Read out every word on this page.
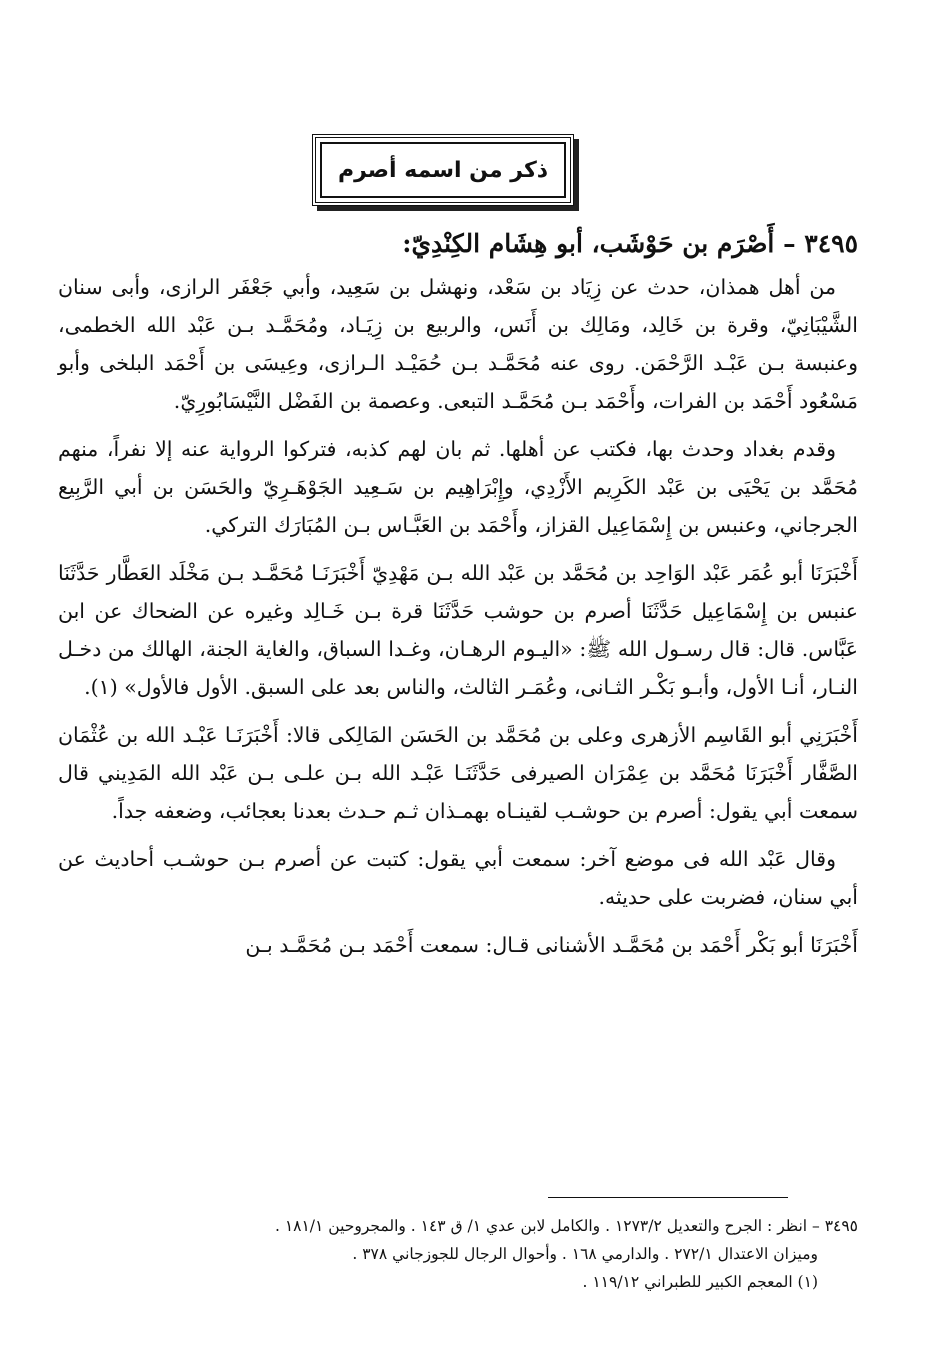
ذكر من اسمه أصرم
٣٤٩٥ – أَصْرَم بن حَوْشَب، أبو هِشَام الكِنْدِيّ:

من أهل همذان، حدث عن زِيَاد بن سَعْد، ونهشل بن سَعِيد، وأبي جَعْفَر الرازى، وأبى سنان الشَّيْبَانِيّ، وقرة بن خَالِد، ومَالِك بن أَنَس، والربيع بن زِيَـاد، ومُحَمَّـد بـن عَبْد الله الخطمى، وعنبسة بـن عَبْـد الرَّحْمَن. روى عنه مُحَمَّـد بـن حُمَيْـد الـرازى، وعِيسَى بن أَحْمَد البلخى وأبو مَسْعُود أَحْمَد بن الفرات، وأَحْمَد بـن مُحَمَّـد التبعى. وعصمة بن الفَضْل النَّيْسَابُورِيّ.

وقدم بغداد وحدث بها، فكتب عن أهلها. ثم بان لهم كذبه، فتركوا الرواية عنه إلا نفراً، منهم مُحَمَّد بن يَحْيَى بن عَبْد الكَرِيم الأَزْدِي، وإِبْرَاهِيم بن سَـعِيد الجَوْهَـرِيّ والحَسَن بن أبي الرَّبِيع الجرجاني، وعنبس بن إِسْمَاعِيل القزاز، وأَحْمَد بن العَبَّـاس بـن المُبَارَك التركي.

أَخْبَرَنَا أبو عُمَر عَبْد الوَاحِد بن مُحَمَّد بن عَبْد الله بـن مَهْدِيّ أَخْبَرَنَـا مُحَمَّـد بـن مَخْلَد العَطَّار حَدَّثَنَا عنبس بن إِسْمَاعِيل حَدَّثَنَا أصرم بن حوشب حَدَّثَنَا قرة بـن خَـالِد وغيره عن الضحاك عن ابن عَبَّاس. قال: قال رسـول الله ﷺ: «اليـوم الرهـان، وغـدا السباق، والغاية الجنة، الهالك من دخـل النـار، أنـا الأول، وأبـو بَكْـر الثـانى، وعُمَـر الثالث، والناس بعد على السبق. الأول فالأول» (١).

أَخْبَرَنِي أبو القَاسِم الأزهرى وعلى بن مُحَمَّد بن الحَسَن المَالِكى قالا: أَخْبَرَنَـا عَبْـد الله بن عُثْمَان الصَّفَّار أَخْبَرَنَا مُحَمَّد بن عِمْرَان الصيرفى حَدَّثَنَـا عَبْـد الله بـن علـى بـن عَبْد الله المَدِيني قال سمعت أبي يقول: أصرم بن حوشـب لقينـاه بهمـذان ثـم حـدث بعدنا بعجائب، وضعفه جداً.

وقال عَبْد الله فى موضع آخر: سمعت أبي يقول: كتبت عن أصرم بـن حوشـب أحاديث عن أبي سنان، فضربت على حديثه.

أَخْبَرَنَا أبو بَكْر أَحْمَد بن مُحَمَّـد الأشنانى قـال: سمعت أَحْمَد بـن مُحَمَّـد بـن

٣٤٩٥ – انظر : الجرح والتعديل ١٢٧٣/٢ . والكامل لابن عدي ١/ ق ١٤٣ . والمجروحين ١٨١/١ .
وميزان الاعتدال ٢٧٢/١ . والدارمي ١٦٨ . وأحوال الرجال للجوزجاني ٣٧٨ .
(١) المعجم الكبير للطبراني ١١٩/١٢ .
